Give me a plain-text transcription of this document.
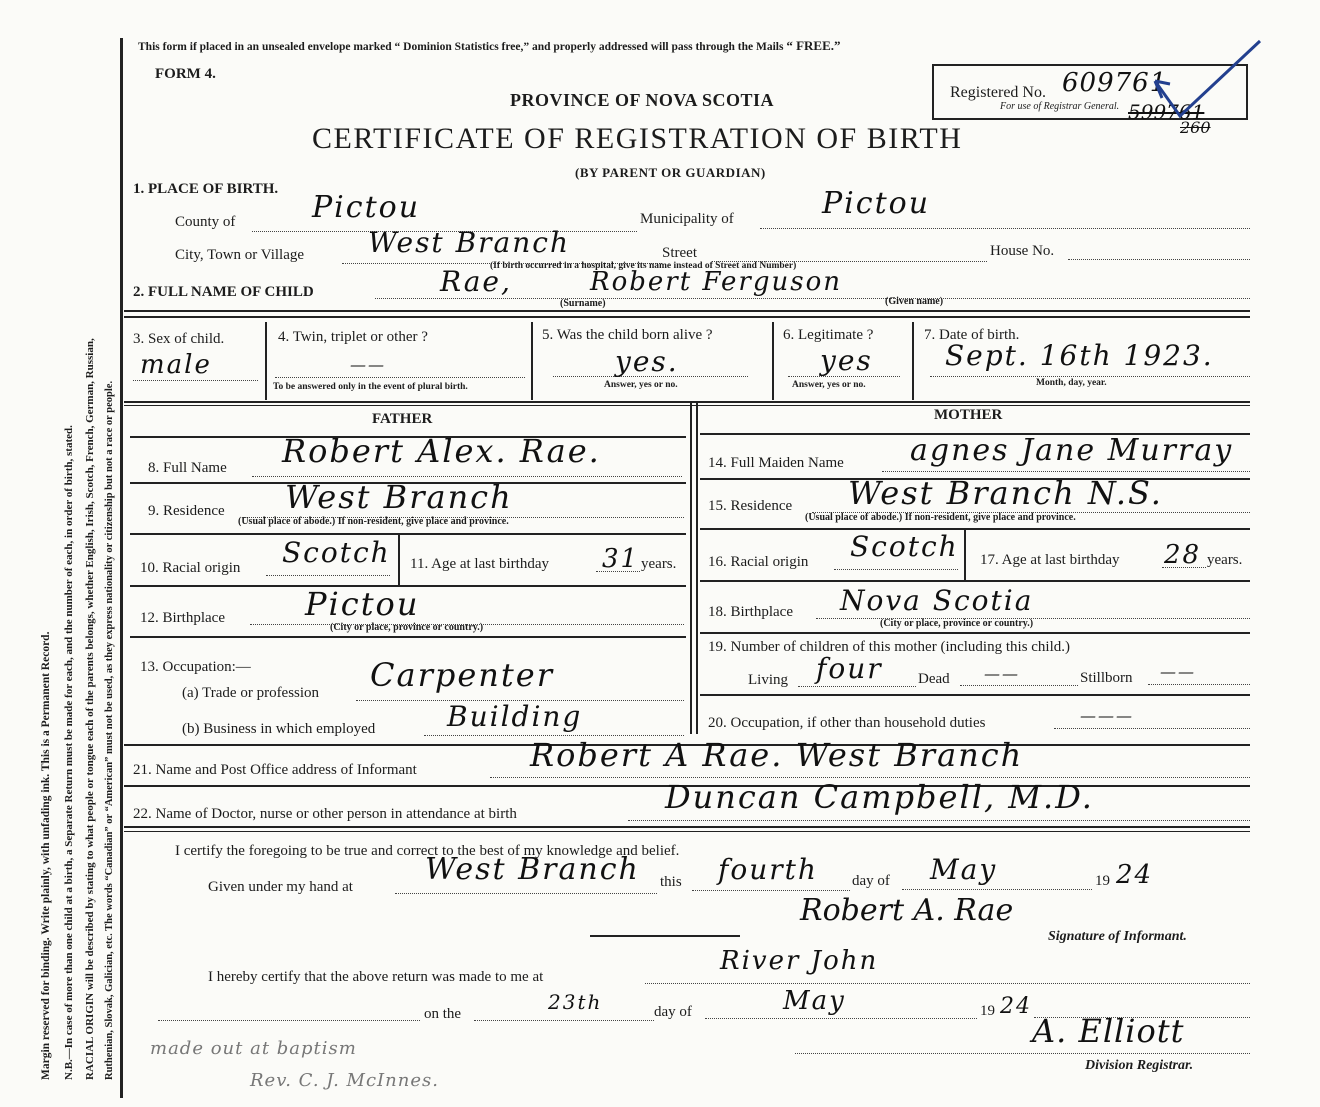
Margin reserved for binding. Write plainly, with unfading ink. This is a Permanent Record. N.B.—In case of more than one child at a birth, a Separate Return must be made for each, and the number of each, in order of birth, stated. RACIAL ORIGIN will be described by stating to what people or tongue each of the parents belongs, whether English, Irish, Scotch, French, German, Russian, Ruthenian, Slovak, Galician, etc. The words “Canadian” or “American” must not be used, as they express nationality or citizenship but not a race or people.
This form if placed in an unsealed envelope marked “ Dominion Statistics free,” and properly addressed will pass through the Mails “ FREE.”
FORM 4.
PROVINCE OF NOVA SCOTIA
CERTIFICATE OF REGISTRATION OF BIRTH
(BY PARENT OR GUARDIAN)
Registered No. 609761
For use of Registrar General. 599761
260
1. PLACE OF BIRTH.
County of	Pictou	Municipality of	Pictou
City, Town or Village West Branch	Street	House No.
(If birth occurred in a hospital, give its name instead of Street and Number)
2. FULL NAME OF CHILD	Rae,	Robert Ferguson
(Surname)	(Given name)
3. Sex of child.
male
4. Twin, triplet or other ?
——
To be answered only in the event of plural birth.
5. Was the child born alive ?
yes.
Answer, yes or no.
6. Legitimate ?
yes
Answer, yes or no.
7. Date of birth.
Sept. 16th 1923.
Month, day, year.
FATHER	MOTHER
8. Full Name Robert Alex. Rae.
9. Residence West Branch
(Usual place of abode.) If non-resident, give place and province.
10. Racial origin Scotch 11. Age at last birthday 31 years.
12. Birthplace	Pictou
(City or place, province or country.)
13. Occupation:—
(a) Trade or profession Carpenter
(b) Business in which employed	Building
14. Full Maiden Name agnes Jane Murray
15. Residence West Branch N.S.
(Usual place of abode.) If non-resident, give place and province.
16. Racial origin Scotch 17. Age at last birthday 28 years.
18. Birthplace Nova Scotia
(City or place, province or country.)
19. Number of children of this mother (including this child.)
Living four Dead ——	Stillborn ——
20. Occupation, if other than household duties	———
21. Name and Post Office address of Informant	Robert A Rae. West Branch
22. Name of Doctor, nurse or other person in attendance at birth	Duncan Campbell, M.D.
I certify the foregoing to be true and correct to the best of my knowledge and belief.
Given under my hand at West Branch this fourth day of May	19 24
Robert A. Rae
Signature of Informant.
I hereby certify that the above return was made to me at
River John
on the	23th	day of	May	19 24
A. Elliott
Division Registrar.
made out at baptism
Rev. C. J. McInnes.
